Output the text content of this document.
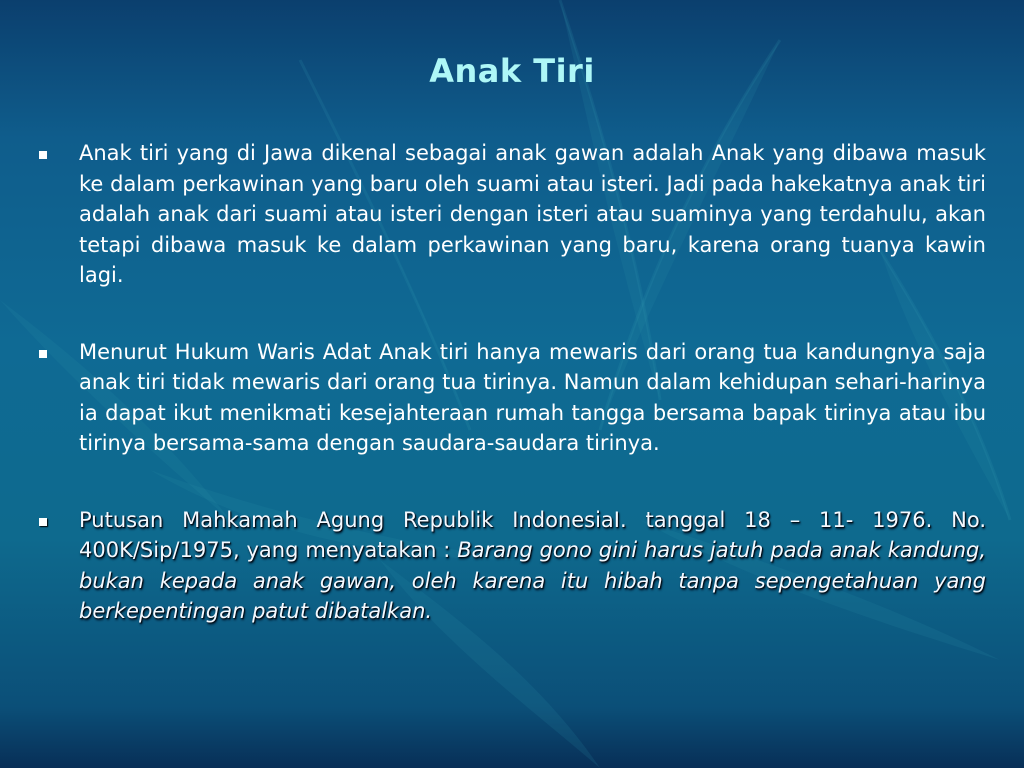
Anak Tiri
Anak tiri yang di Jawa dikenal sebagai anak gawan adalah Anak yang dibawa masuk ke dalam perkawinan yang baru oleh suami atau isteri. Jadi pada hakekatnya anak tiri adalah anak dari suami atau isteri dengan isteri atau suaminya yang terdahulu, akan tetapi dibawa masuk ke dalam perkawinan yang baru, karena orang tuanya kawin lagi.
Menurut Hukum Waris Adat Anak tiri hanya mewaris dari orang tua kandungnya saja anak tiri tidak mewaris dari orang tua tirinya. Namun dalam kehidupan sehari-harinya ia dapat ikut menikmati kesejahteraan rumah tangga bersama bapak tirinya atau ibu tirinya bersama-sama dengan saudara-saudara tirinya.
Putusan Mahkamah Agung Republik IndonesiaI. tanggal 18 – 11- 1976. No. 400K/Sip/1975, yang menyatakan : Barang gono gini harus jatuh pada anak kandung, bukan kepada anak gawan, oleh karena itu hibah tanpa sepengetahuan yang berkepentingan patut dibatalkan.
